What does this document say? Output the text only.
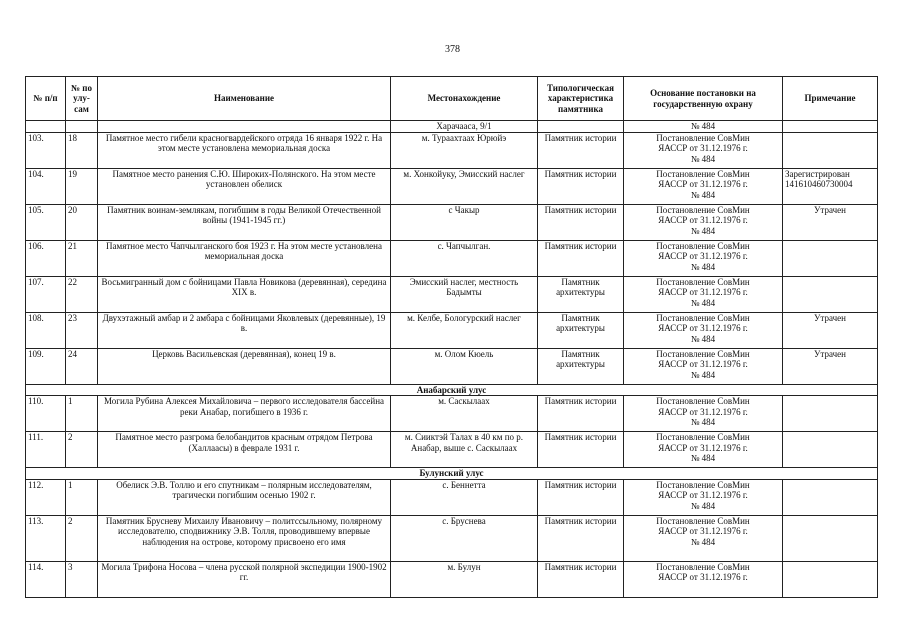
378
№ п/п	№ по улу-сам	Наименование	Местонахождение	Типологическая характеристика памятника	Основание постановки на государственную охрану	Примечание
			Харачааса, 9/1		№ 484	
103.	18	Памятное место гибели красногвардейского отряда 16 января 1922 г. На этом месте установлена мемориальная доска	м. Тураахтаах Юрюйэ	Памятник истории	Постановление СовМин
ЯАССР от 31.12.1976 г.
№ 484	

104.	19	Памятное место ранения С.Ю. Широких-Полянского. На этом месте установлен обелиск	м. Хонкойуку, Эмисский наслег	Памятник истории	Постановление СовМин
ЯАССР от 31.12.1976 г.
№ 484	Зарегистрирован 141610460730004
105.	20	Памятник воинам-землякам, погибшим в годы Великой Отечественной войны (1941-1945 гг.)	с Чакыр	Памятник истории	Постановление СовМин
ЯАССР от 31.12.1976 г.
№ 484	Утрачен
106.	21	Памятное место Чапчылганского боя 1923 г. На этом месте установлена мемориальная доска	с. Чапчылган.	Памятник истории	Постановление СовМин
ЯАССР от 31.12.1976 г.
№ 484	

107.	22	Восьмигранный дом с бойницами Павла Новикова (деревянная), середина XIX в.	Эмисский наслег, местность Бадымты	Памятник архитектуры	Постановление СовМин
ЯАССР от 31.12.1976 г.
№ 484	

108.	23	Двухэтажный амбар и 2 амбара с бойницами Яковлевых (деревянные), 19 в.	м. Келбе, Бологурский наслег	Памятник архитектуры	Постановление СовМин
ЯАССР от 31.12.1976 г.
№ 484	Утрачен
109.	24	Церковь Васильевская (деревянная), конец 19 в.	м. Олом Кюель	Памятник архитектуры	Постановление СовМин
ЯАССР от 31.12.1976 г.
№ 484	Утрачен
Анабарский улус						
110.	1	Могила Рубина Алексея Михайловича – первого исследователя бассейна реки Анабар, погибшего в 1936 г.	м. Саскылаах	Памятник истории	Постановление СовМин
ЯАССР от 31.12.1976 г.
№ 484	

111.	2	Памятное место разгрома белобандитов красным отрядом Петрова (Халлаасы) в феврале 1931 г.	м. Сииктэй Талах в 40 км по р. Анабар, выше с. Саскылаах	Памятник истории	Постановление СовМин
ЯАССР от 31.12.1976 г.
№ 484	

Булунский улус						
112.	1	Обелиск Э.В. Толлю и его спутникам – полярным исследователям, трагически погибшим осенью 1902 г.	с. Беннетта	Памятник истории	Постановление СовМин
ЯАССР от 31.12.1976 г.
№ 484	

113.	2	Памятник Брусневу Михаилу Ивановичу – политссыльному, полярному исследователю, сподвижнику Э.В. Толля, проводившему впервые наблюдения на острове, которому присвоено его имя	с. Бруснева	Памятник истории	Постановление СовМин
ЯАССР от 31.12.1976 г.
№ 484	

114.	3	Могила Трифона Носова – члена русской полярной экспедиции 1900-1902 гг.	м. Булун	Памятник истории	Постановление СовМин
ЯАССР от 31.12.1976 г.	
